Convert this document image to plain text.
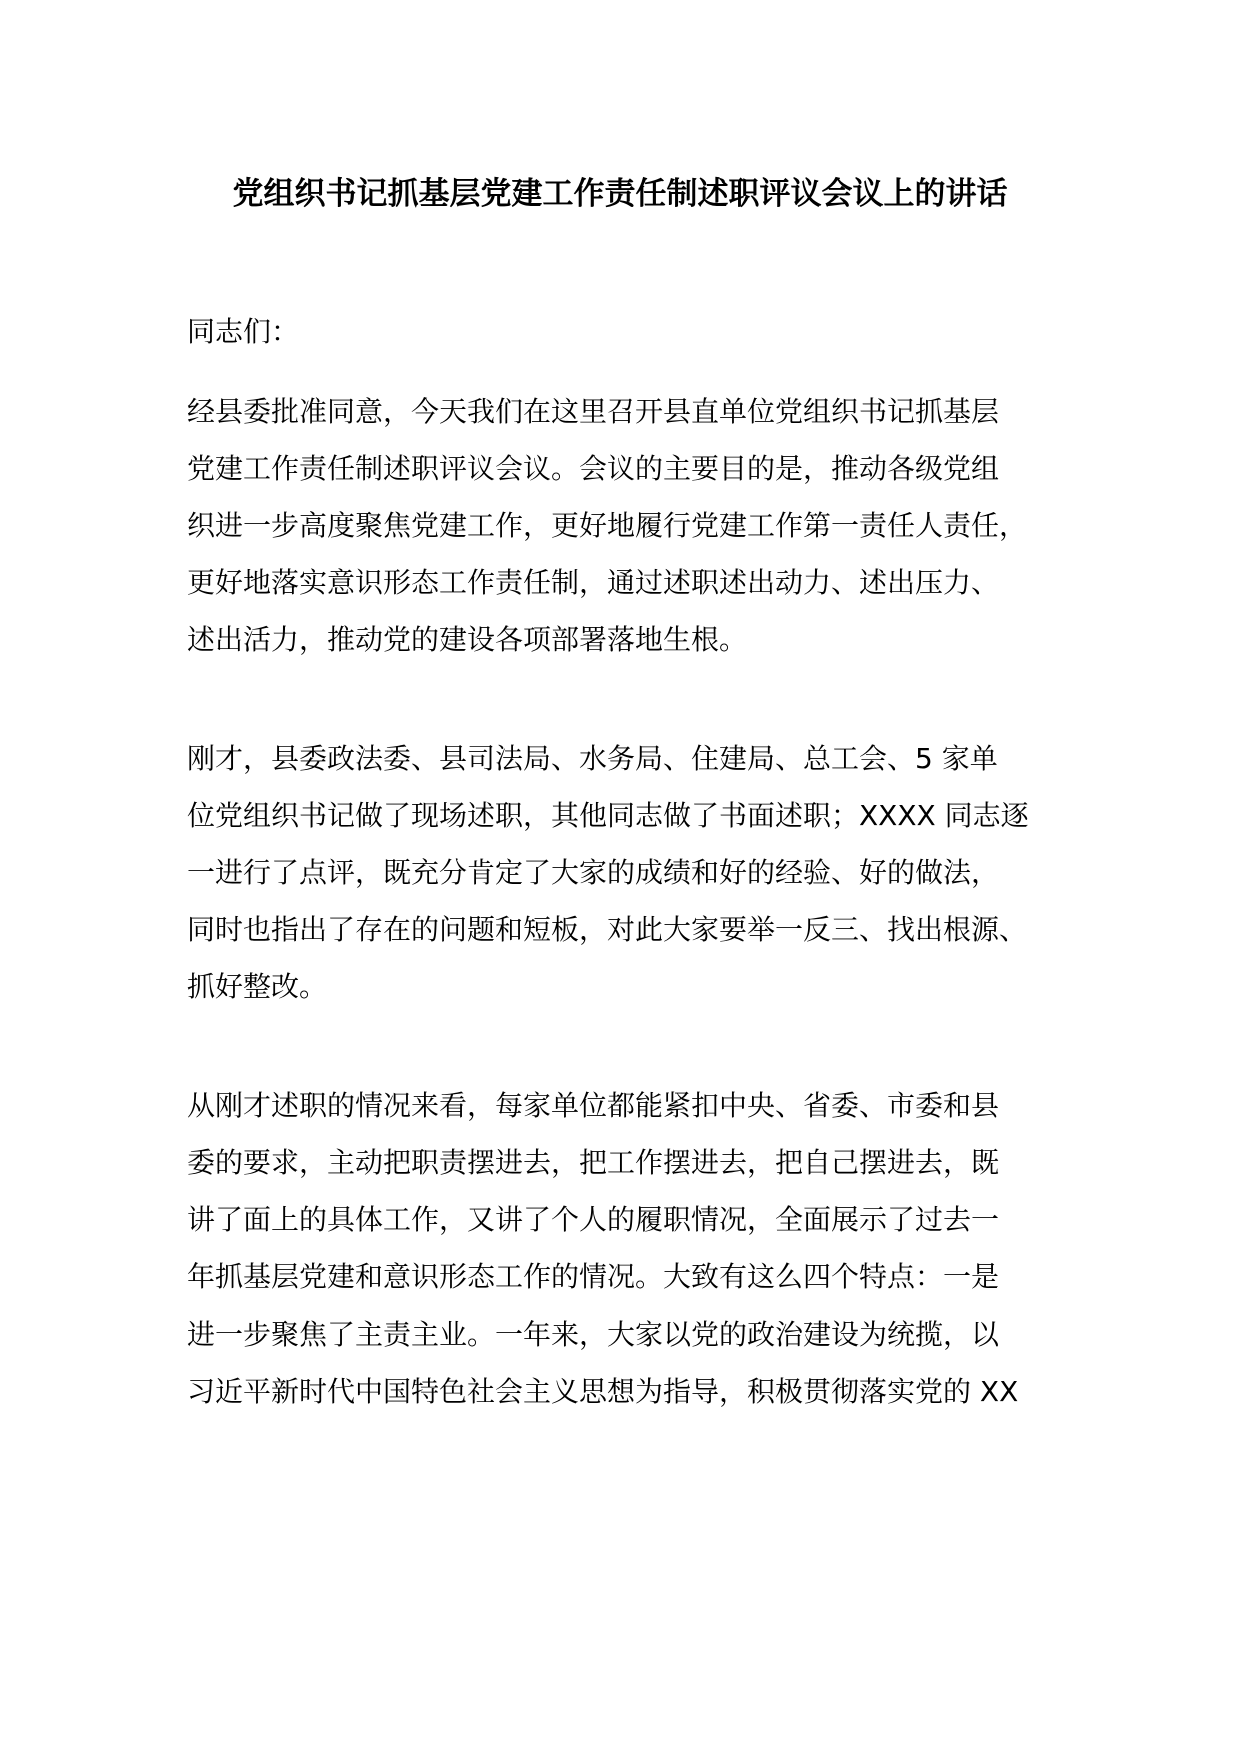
党组织书记抓基层党建工作责任制述职评议会议上的讲话
同志们：
经县委批准同意，今天我们在这里召开县直单位党组织书记抓基层
党建工作责任制述职评议会议。会议的主要目的是，推动各级党组
织进一步高度聚焦党建工作，更好地履行党建工作第一责任人责任，
更好地落实意识形态工作责任制，通过述职述出动力、述出压力、
述出活力，推动党的建设各项部署落地生根。
刚才，县委政法委、县司法局、水务局、住建局、总工会、5 家单
位党组织书记做了现场述职，其他同志做了书面述职；XXXX 同志逐
一进行了点评，既充分肯定了大家的成绩和好的经验、好的做法，
同时也指出了存在的问题和短板，对此大家要举一反三、找出根源、
抓好整改。
从刚才述职的情况来看，每家单位都能紧扣中央、省委、市委和县
委的要求，主动把职责摆进去，把工作摆进去，把自己摆进去，既
讲了面上的具体工作，又讲了个人的履职情况，全面展示了过去一
年抓基层党建和意识形态工作的情况。大致有这么四个特点：一是
进一步聚焦了主责主业。一年来，大家以党的政治建设为统揽，以
习近平新时代中国特色社会主义思想为指导，积极贯彻落实党的 XX
